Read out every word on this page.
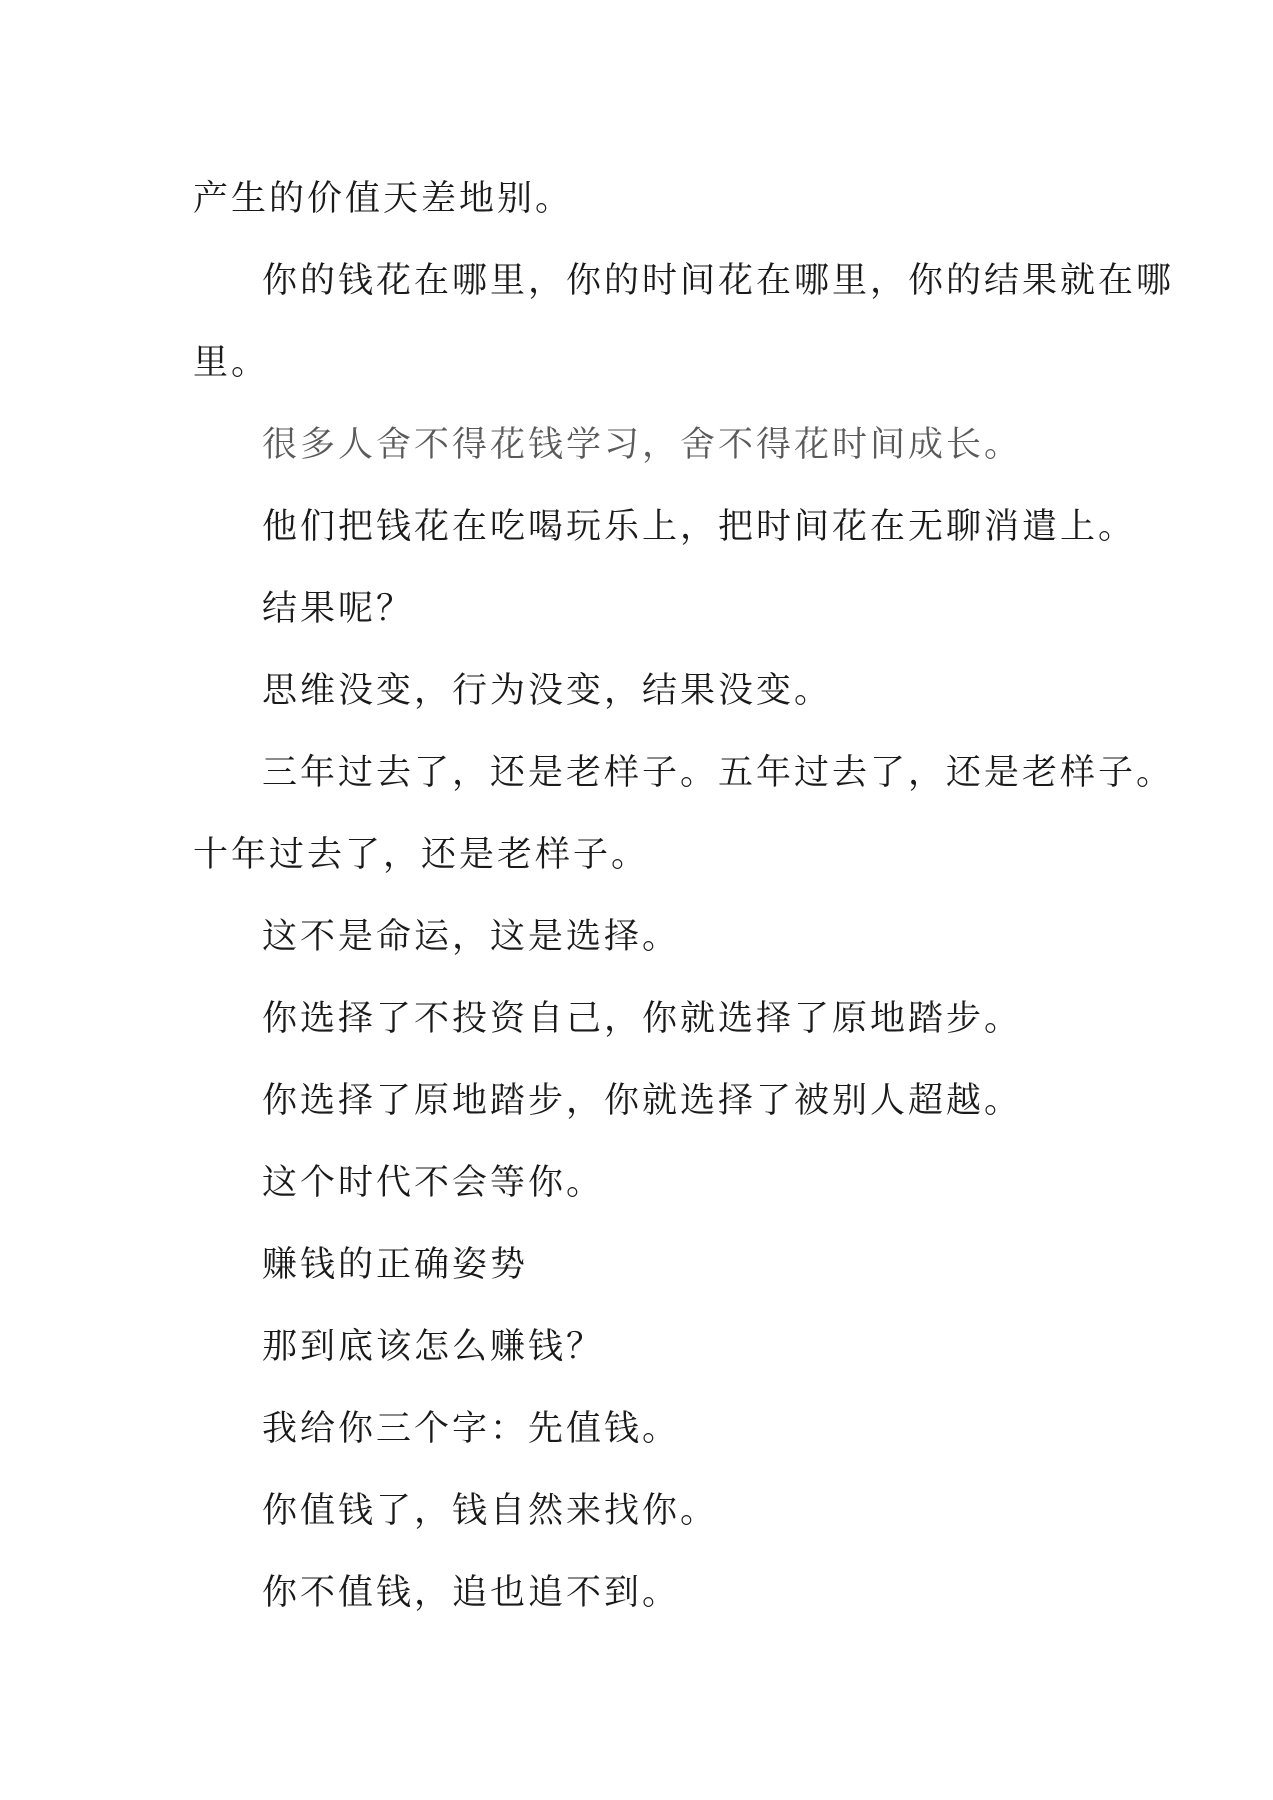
产生的价值天差地别。

你的钱花在哪里，你的时间花在哪里，你的结果就在哪

里。

很多人舍不得花钱学习，舍不得花时间成长。

他们把钱花在吃喝玩乐上，把时间花在无聊消遣上。

结果呢？

思维没变，行为没变，结果没变。

三年过去了，还是老样子。五年过去了，还是老样子。

十年过去了，还是老样子。

这不是命运，这是选择。

你选择了不投资自己，你就选择了原地踏步。

你选择了原地踏步，你就选择了被别人超越。

这个时代不会等你。

赚钱的正确姿势

那到底该怎么赚钱？

我给你三个字：先值钱。

你值钱了，钱自然来找你。

你不值钱，追也追不到。
